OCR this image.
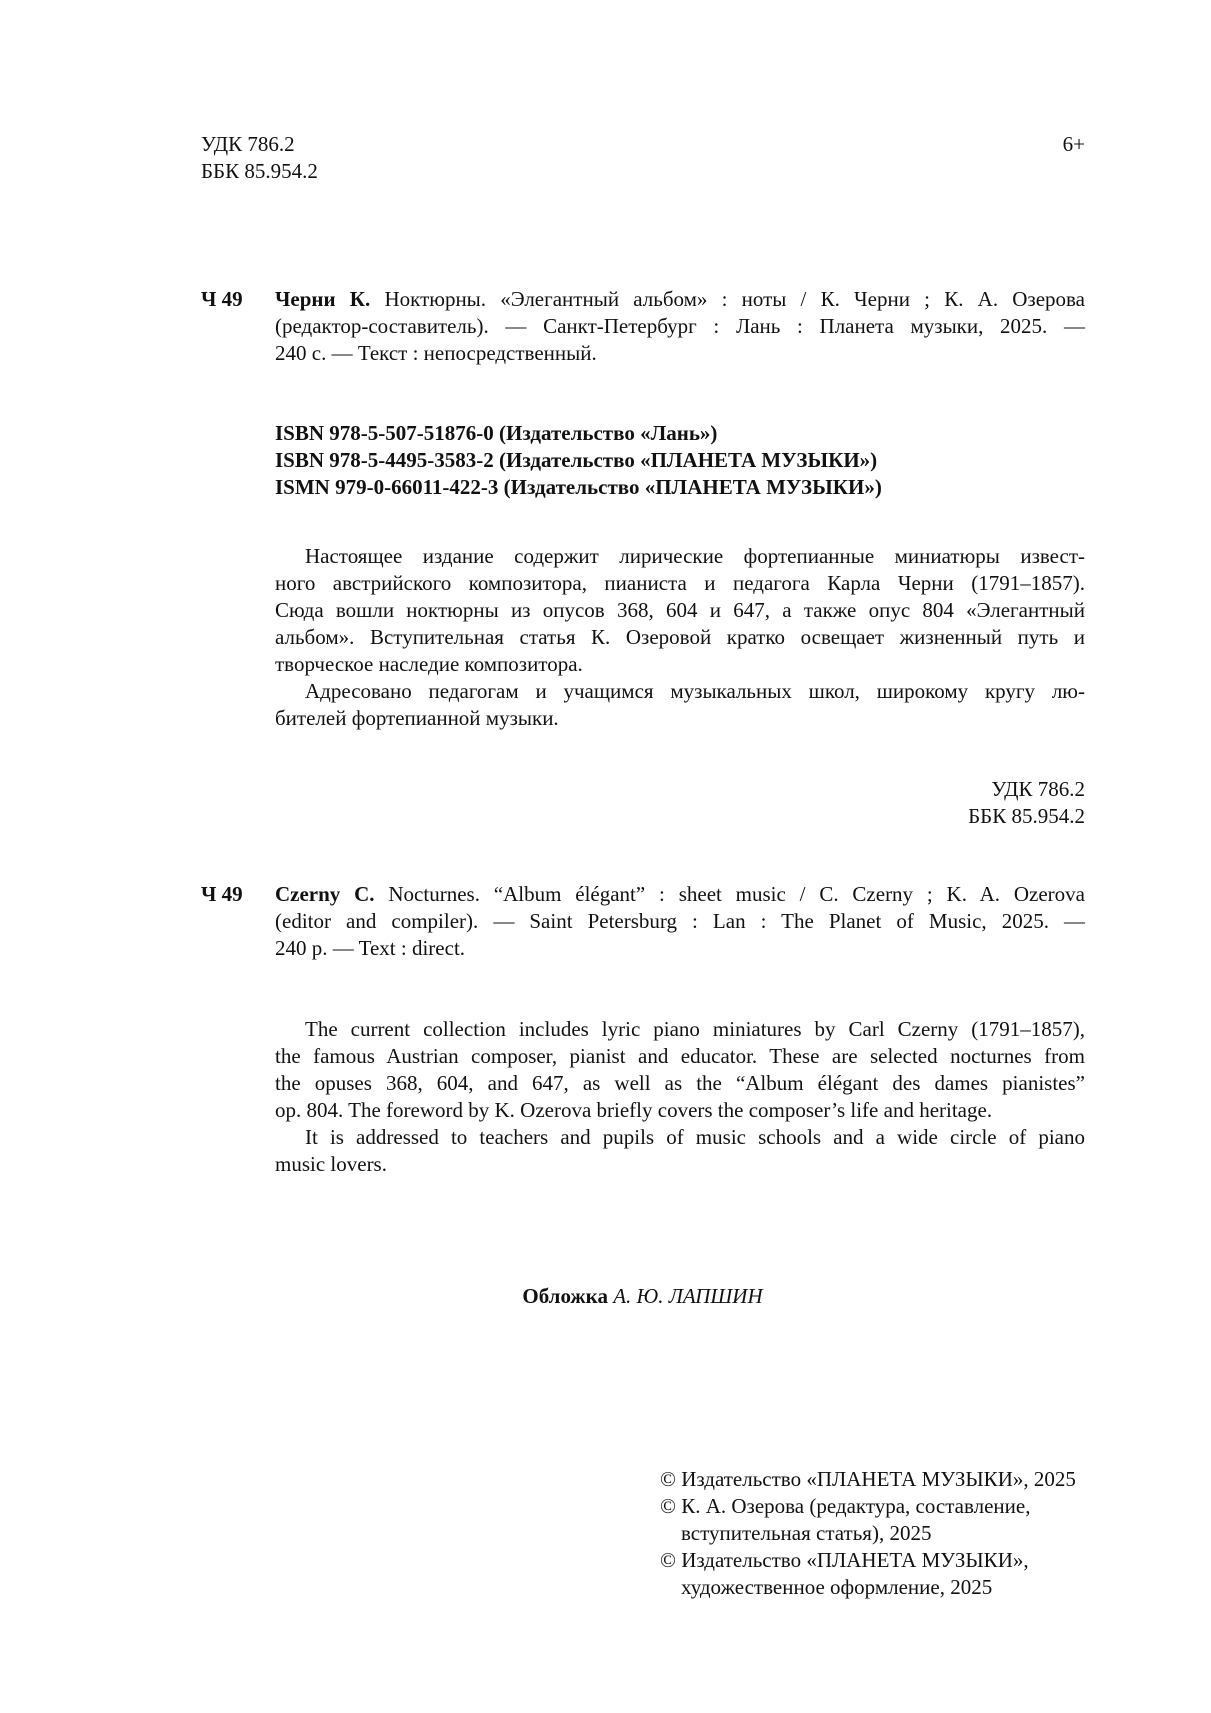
УДК 786.2
ББК 85.954.2
6+
Ч 49 Черни К. Ноктюрны. «Элегантный альбом» : ноты / К. Черни ; К. А. Озерова
(редактор-составитель). — Санкт-Петербург : Лань : Планета музыки, 2025. —
240 с. — Текст : непосредственный.
ISBN 978-5-507-51876-0 (Издательство «Лань»)
ISBN 978-5-4495-3583-2 (Издательство «ПЛАНЕТА МУЗЫКИ»)
ISMN 979-0-66011-422-3 (Издательство «ПЛАНЕТА МУЗЫКИ»)
Настоящее издание содержит лирические фортепианные миниатюры извест-
ного австрийского композитора, пианиста и педагога Карла Черни (1791–1857).
Сюда вошли ноктюрны из опусов 368, 604 и 647, а также опус 804 «Элегантный
альбом». Вступительная статья К. Озеровой кратко освещает жизненный путь и
творческое наследие композитора.
Адресовано педагогам и учащимся музыкальных школ, широкому кругу лю-
бителей фортепианной музыки.
УДК 786.2
ББК 85.954.2
Ч 49 Czerny C. Nocturnes. “Album élégant” : sheet music / C. Czerny ; K. A. Ozerova
(editor and compiler). — Saint Petersburg : Lan : The Planet of Music, 2025. —
240 p. — Text : direct.
The current collection includes lyric piano miniatures by Carl Czerny (1791–1857),
the famous Austrian composer, pianist and educator. These are selected nocturnes from
the opuses 368, 604, and 647, as well as the “Album élégant des dames pianistes”
op. 804. The foreword by K. Ozerova briefly covers the composer’s life and heritage.
It is addressed to teachers and pupils of music schools and a wide circle of piano
music lovers.
Обложка А. Ю. ЛАПШИН
© Издательство «ПЛАНЕТА МУЗЫКИ», 2025
© К. А. Озерова (редактура, составление,
вступительная статья), 2025
© Издательство «ПЛАНЕТА МУЗЫКИ»,
художественное оформление, 2025
